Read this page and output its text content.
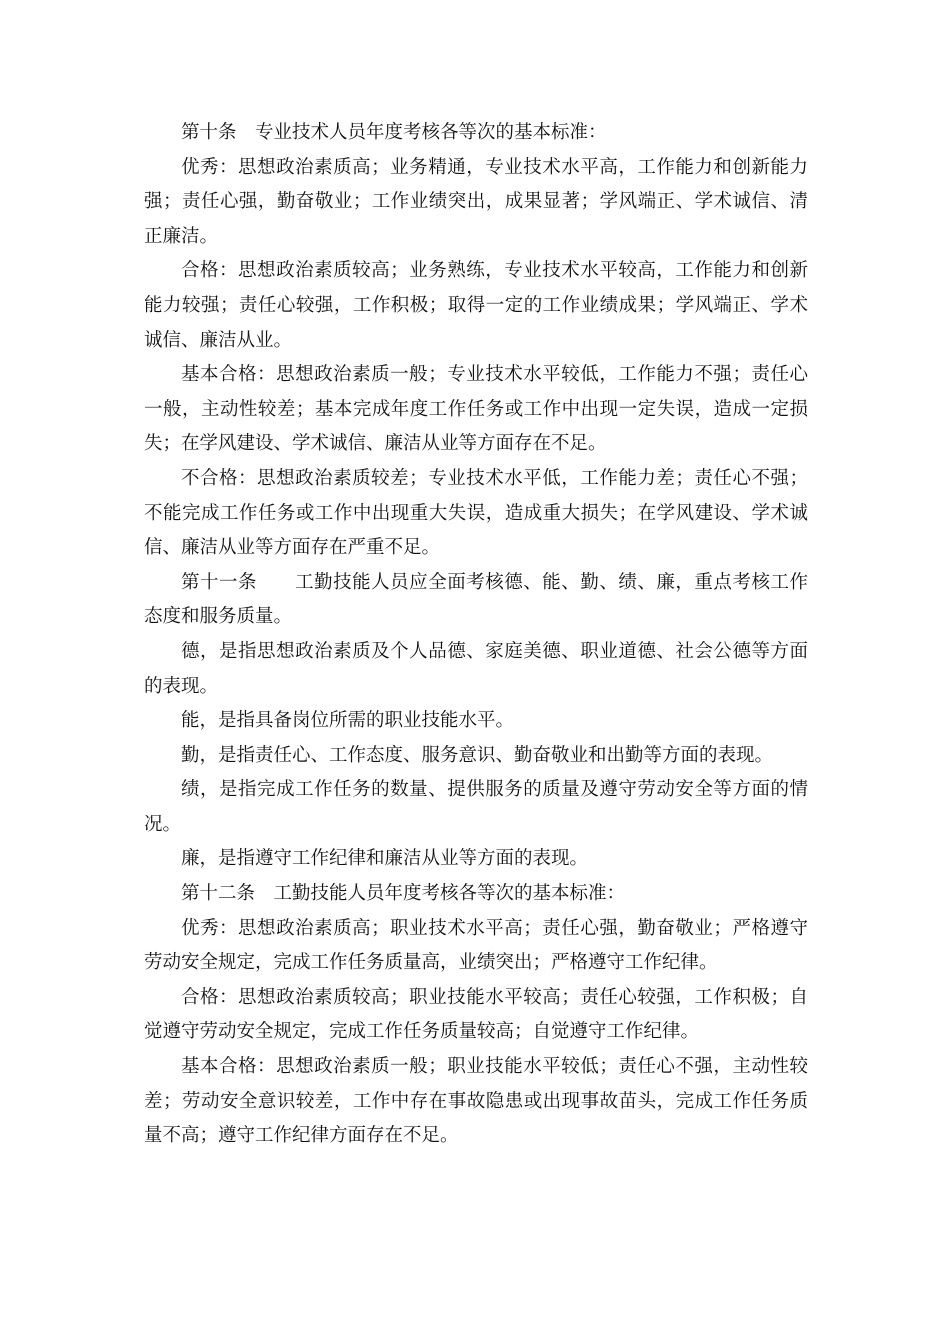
第十条　专业技术人员年度考核各等次的基本标准：

优秀：思想政治素质高；业务精通，专业技术水平高，工作能力和创新能力强；责任心强，勤奋敬业；工作业绩突出，成果显著；学风端正、学术诚信、清正廉洁。

合格：思想政治素质较高；业务熟练，专业技术水平较高，工作能力和创新能力较强；责任心较强，工作积极；取得一定的工作业绩成果；学风端正、学术诚信、廉洁从业。

基本合格：思想政治素质一般；专业技术水平较低，工作能力不强；责任心一般，主动性较差；基本完成年度工作任务或工作中出现一定失误，造成一定损失；在学风建设、学术诚信、廉洁从业等方面存在不足。

不合格：思想政治素质较差；专业技术水平低，工作能力差；责任心不强；不能完成工作任务或工作中出现重大失误，造成重大损失；在学风建设、学术诚信、廉洁从业等方面存在严重不足。

第十一条　　工勤技能人员应全面考核德、能、勤、绩、廉，重点考核工作态度和服务质量。

德，是指思想政治素质及个人品德、家庭美德、职业道德、社会公德等方面的表现。

能，是指具备岗位所需的职业技能水平。

勤，是指责任心、工作态度、服务意识、勤奋敬业和出勤等方面的表现。

绩，是指完成工作任务的数量、提供服务的质量及遵守劳动安全等方面的情况。

廉，是指遵守工作纪律和廉洁从业等方面的表现。

第十二条　工勤技能人员年度考核各等次的基本标准：

优秀：思想政治素质高；职业技术水平高；责任心强，勤奋敬业；严格遵守劳动安全规定，完成工作任务质量高，业绩突出；严格遵守工作纪律。

合格：思想政治素质较高；职业技能水平较高；责任心较强，工作积极；自觉遵守劳动安全规定，完成工作任务质量较高；自觉遵守工作纪律。

基本合格：思想政治素质一般；职业技能水平较低；责任心不强，主动性较差；劳动安全意识较差，工作中存在事故隐患或出现事故苗头，完成工作任务质量不高；遵守工作纪律方面存在不足。
